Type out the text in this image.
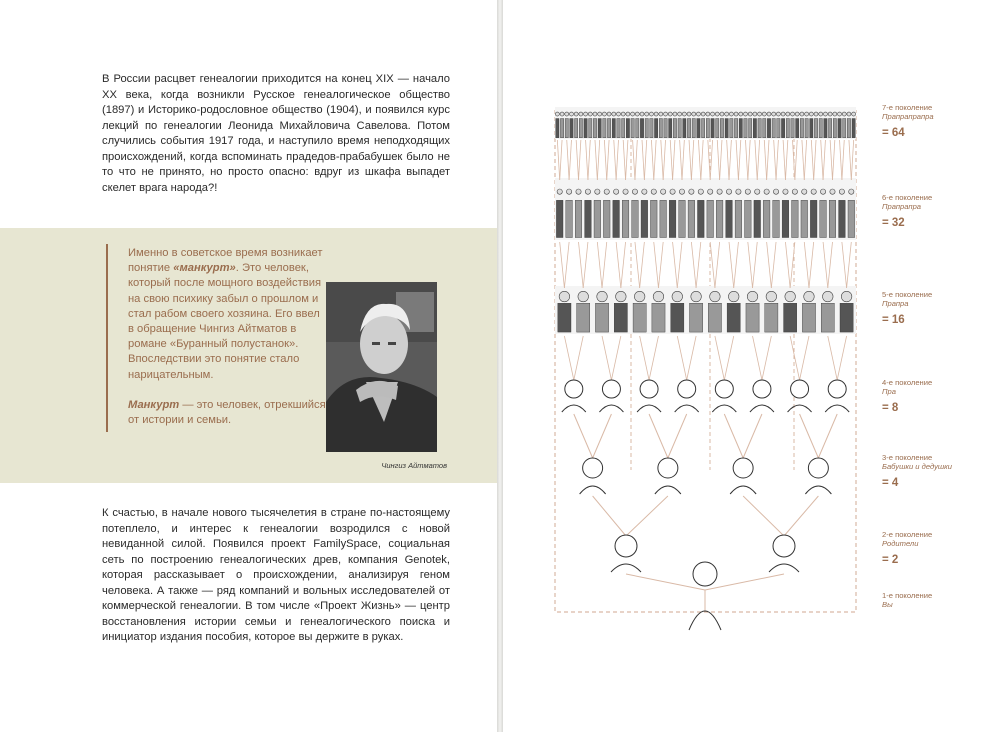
В России расцвет генеалогии приходится на конец XIX — начало XX века, когда возникли Русское генеалогическое общество (1897) и Историко-родословное общество (1904), и появился курс лекций по генеалогии Леонида Михайловича Савелова. Потом случились события 1917 года, и наступило время неподходящих происхождений, когда вспоминать прадедов-прабабушек было не то что не принято, но просто опасно: вдруг из шкафа выпадет скелет врага народа?!

Именно в советское время возникает понятие «манкурт». Это человек, который после мощного воздействия на свою психику забыл о прошлом и стал рабом своего хозяина. Его ввел в обращение Чингиз Айтматов в романе «Буранный полустанок». Впоследствии это понятие стало нарицательным.
Манкурт — это человек, отрекшийся от истории и семьи.
Чингиз Айтматов

К счастью, в начале нового тысячелетия в стране по-настоящему потеплело, и интерес к генеалогии возродился с новой невиданной силой. Появился проект FamilySpace, социальная сеть по построению генеалогических древ, компания Genotek, которая рассказывает о происхождении, анализируя геном человека. А также — ряд компаний и вольных исследователей от коммерческой генеалогии. В том числе «Проект Жизнь» — центр восстановления истории семьи и генеалогического поиска и инициатор издания пособия, которое вы держите в руках.

7-е поколение
Прапрапрапра
= 64
6-е поколение
Прапрапра
= 32
5-е поколение
Прапра
= 16
4-е поколение
Пра
= 8
3-е поколение
Бабушки и дедушки
= 4
2-е поколение
Родители
= 2
1-е поколение
Вы
